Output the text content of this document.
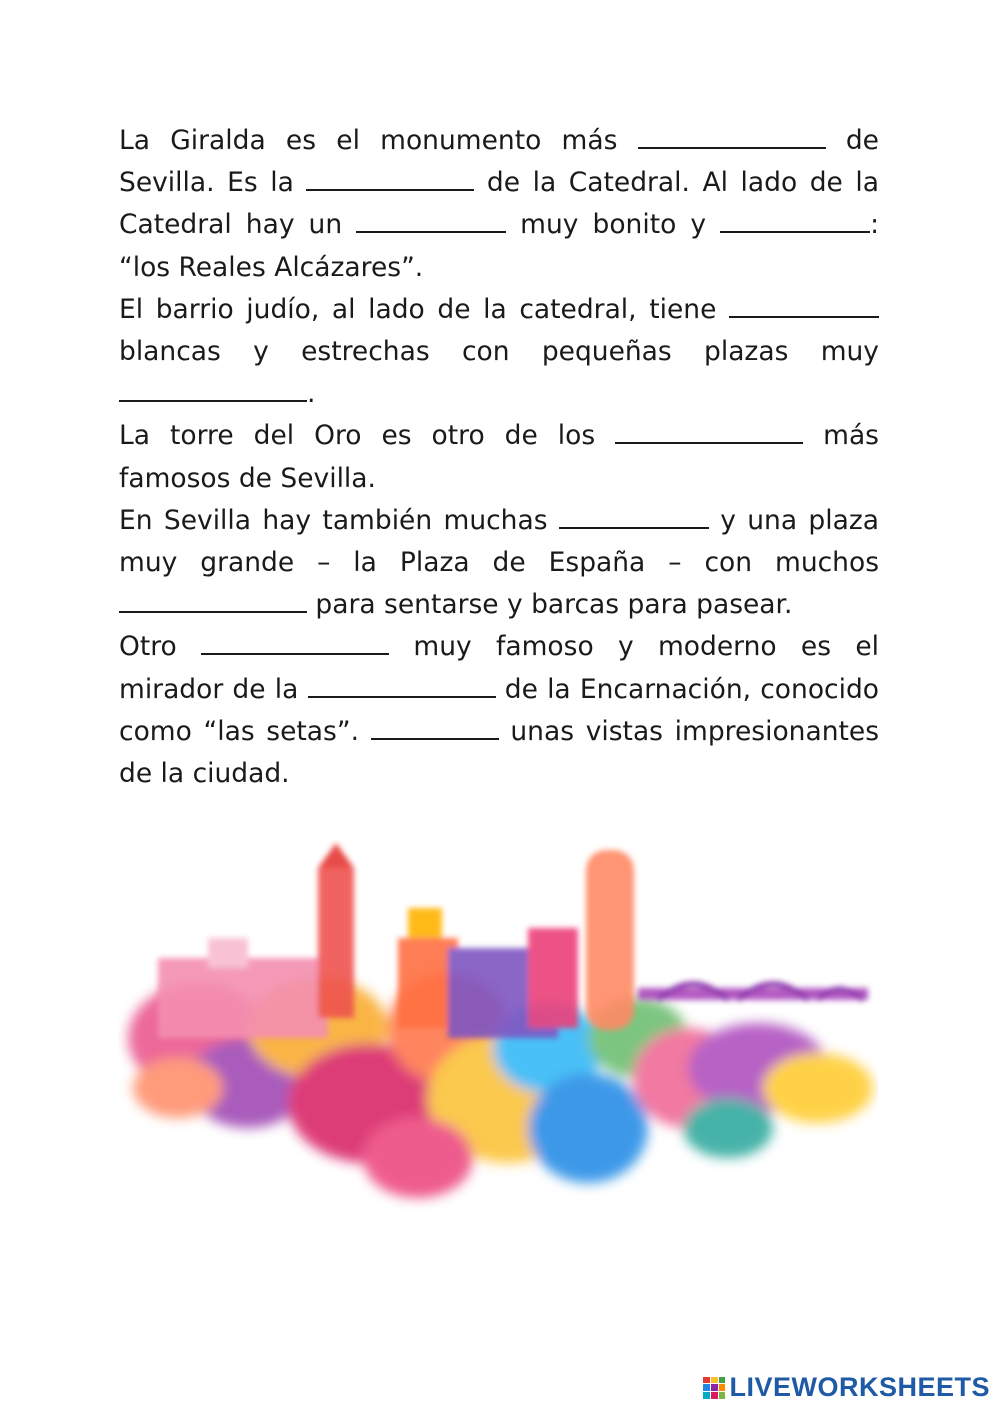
La Giralda es el monumento más	de Sevilla. Es la	de la Catedral. Al lado de la Catedral hay un	muy bonito y	: “los Reales Alcázares”.

El barrio judío, al lado de la catedral, tiene  blancas y estrechas con pequeñas plazas muy .

La torre del Oro es otro de los	más famosos de Sevilla.

En Sevilla hay también muchas	y una plaza muy grande – la Plaza de España – con muchos  para sentarse y barcas para pasear.

Otro	muy famoso y moderno es el mirador de la	de la Encarnación, conocido como “las setas”.	unas vistas impresionantes de la ciudad.

LIVEWORKSHEETS
